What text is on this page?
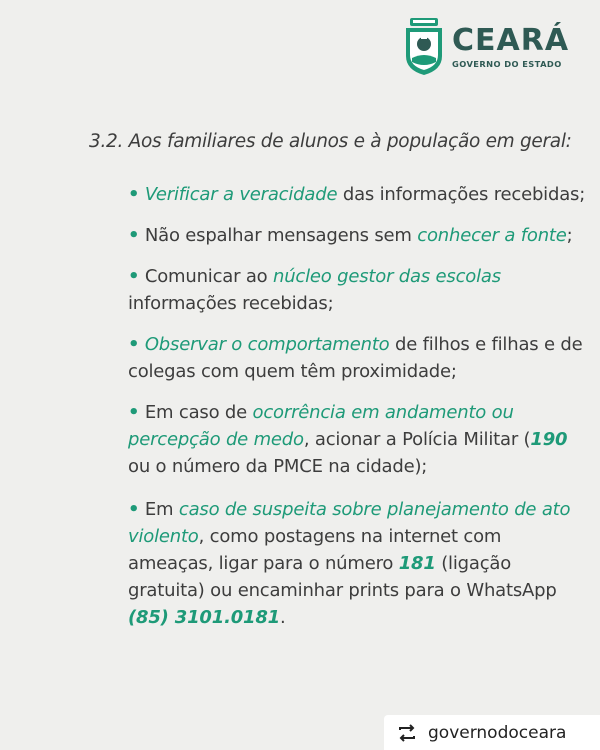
CEARÁ
GOVERNO DO ESTADO
3.2. Aos familiares de alunos e à população em geral:
• Verificar a veracidade das informações recebidas;
• Não espalhar mensagens sem conhecer a fonte;
• Comunicar ao núcleo gestor das escolas informações recebidas;
• Observar o comportamento de filhos e filhas e de colegas com quem têm proximidade;
• Em caso de ocorrência em andamento ou percepção de medo, acionar a Polícia Militar (190 ou o número da PMCE na cidade);
• Em caso de suspeita sobre planejamento de ato violento, como postagens na internet com ameaças, ligar para o número 181 (ligação gratuita) ou encaminhar prints para o WhatsApp (85) 3101.0181.
governodoceara
